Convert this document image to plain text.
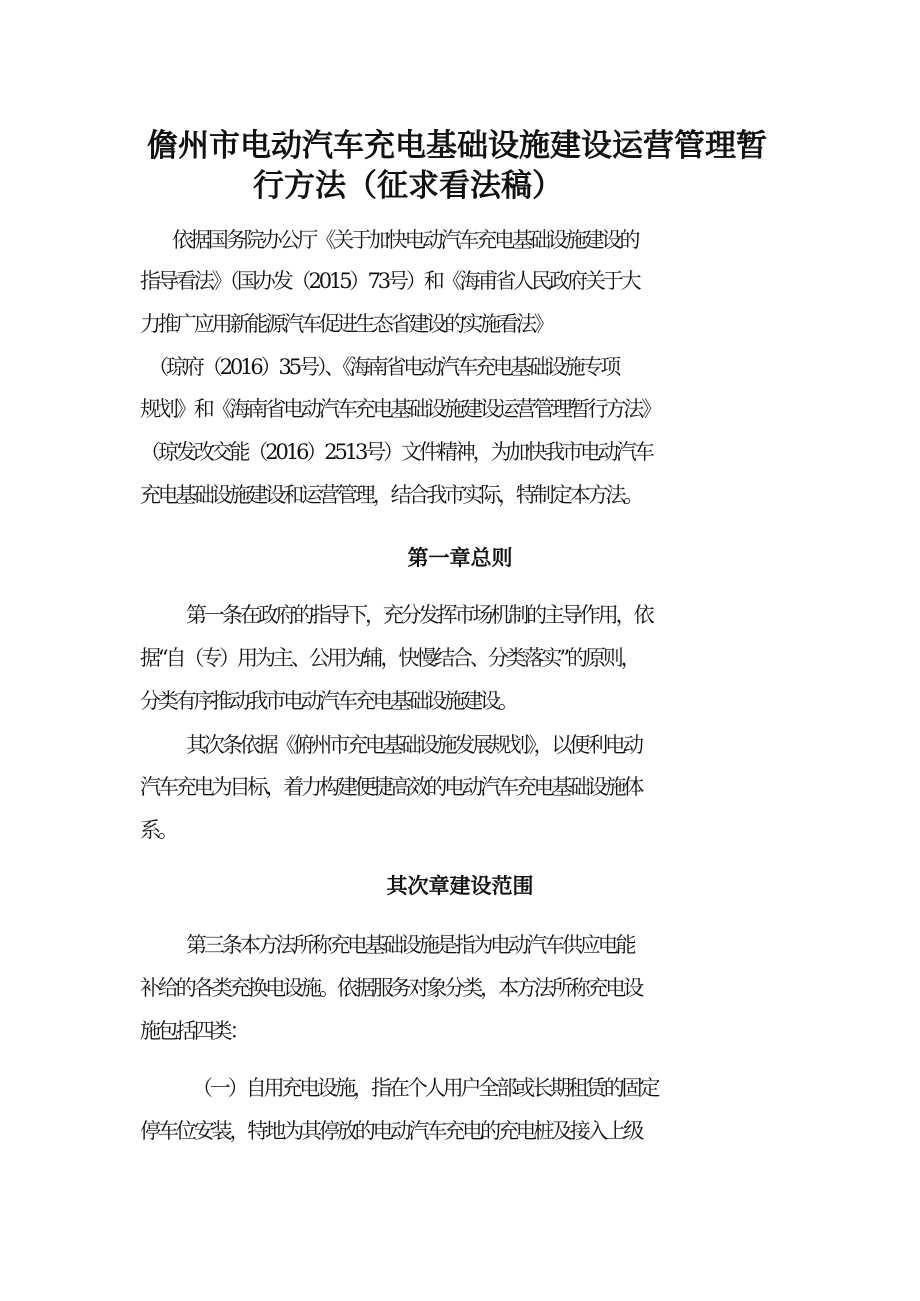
儋州市电动汽车充电基础设施建设运营管理暂
行方法（征求看法稿）
依据国务院办公厅《关于加快电动汽车充电基础设施建设的
指导看法》（国办发（2015）73号）和《海甫省人民政府关于大
力推广应用新能源汽车促进生态省建设的实施看法》
（琼府（2016）35号）、《海南省电动汽车充电基础设施专项
规划》和《海南省电动汽车充电基础设施建设运营管理暂行方法》
（琼发改交能（2016）2513号）文件精神，为加快我市电动汽车
充电基础设施建设和运营管理，结合我市实际，特制定本方法。
第一章总则
第一条在政府的指导下，充分发挥市场机制的主导作用，依
据“自（专）用为主、公用为辅，快慢结合、分类落实”的原则，
分类有序推动我市电动汽车充电基础设施建设。
其次条依据《俯州市充电基础设施发展规划》，以便利电动
汽车充电为目标，着力构建便捷高效的电动汽车充电基础设施体
系。
其次章建设范围
第三条本方法所称充电基础设施是指为电动汽车供应电能
补给的各类充换电设施。依据服务对象分类，本方法所称充电设
施包括四类：
（一）自用充电设施，指在个人用户全部或长期租赁的固定
停车位安装，特地为其停放的电动汽车充电的充电桩及接入上级
